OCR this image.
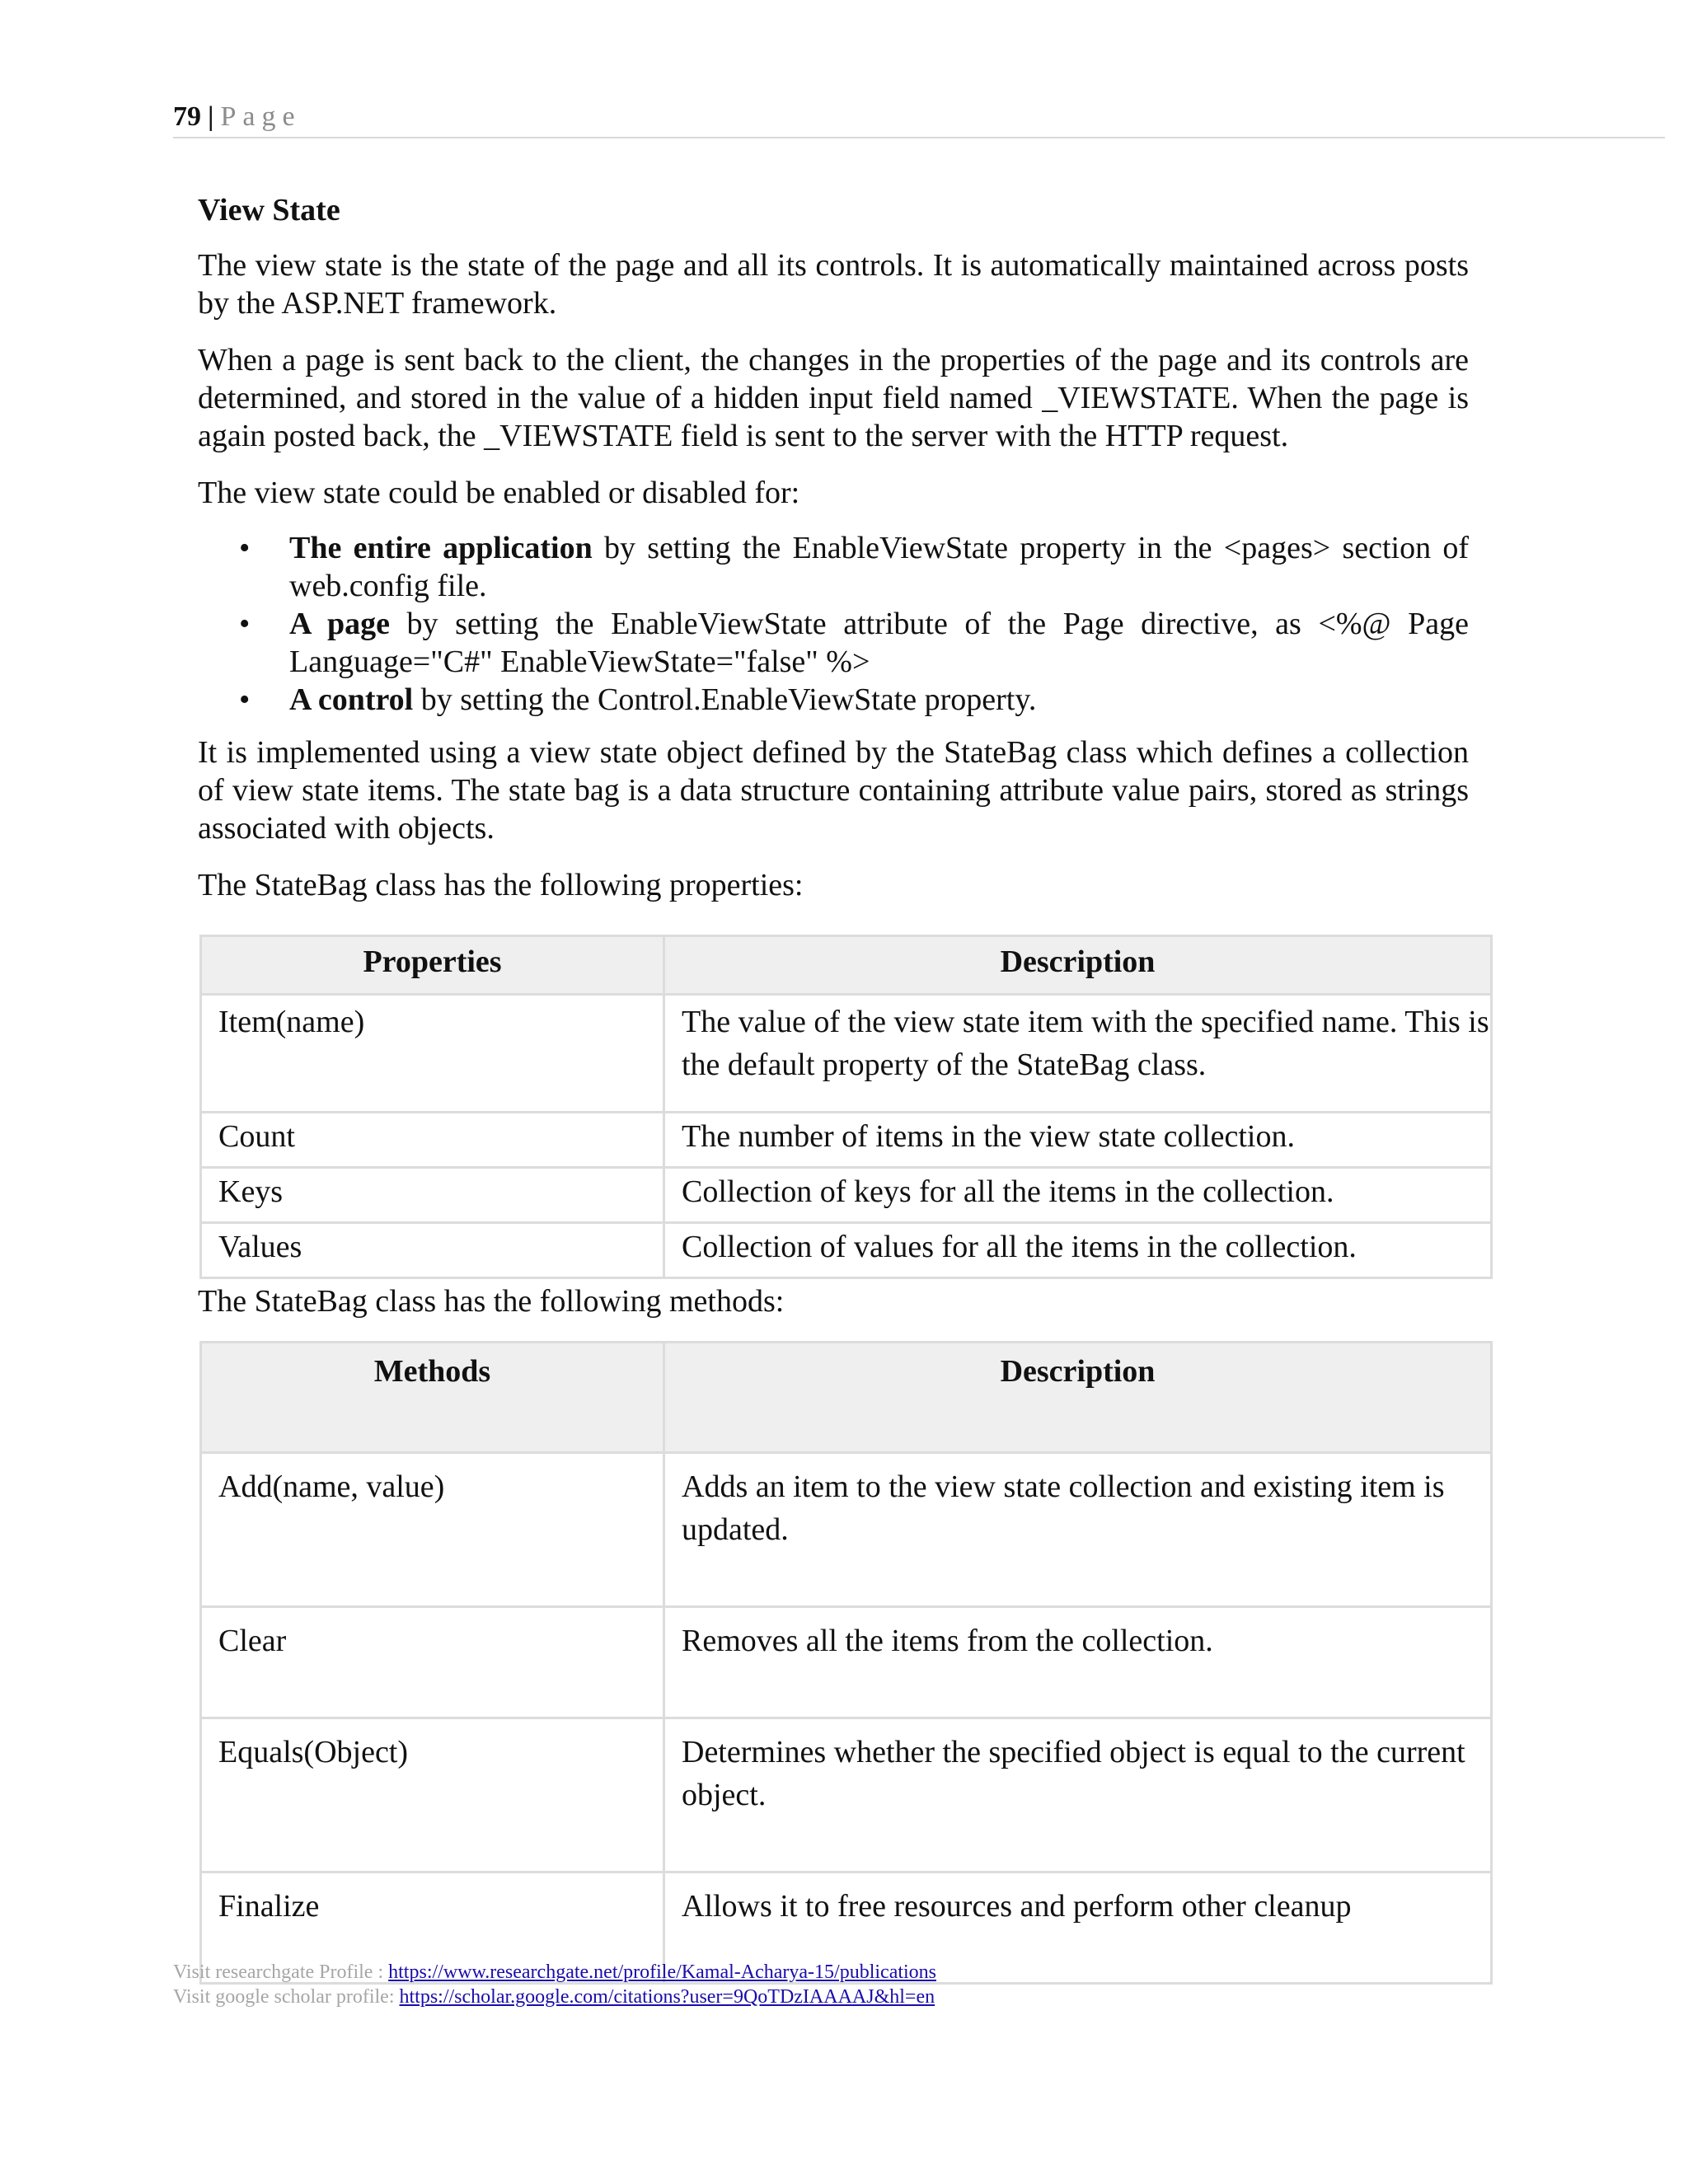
79 | Page

View State

The view state is the state of the page and all its controls. It is automatically maintained across posts by the ASP.NET framework.

When a page is sent back to the client, the changes in the properties of the page and its controls are determined, and stored in the value of a hidden input field named _VIEWSTATE. When the page is again posted back, the _VIEWSTATE field is sent to the server with the HTTP request.

The view state could be enabled or disabled for:

• The entire application by setting the EnableViewState property in the <pages> section of web.config file.
• A page by setting the EnableViewState attribute of the Page directive, as <%@ Page Language="C#" EnableViewState="false" %>
• A control by setting the Control.EnableViewState property.

It is implemented using a view state object defined by the StateBag class which defines a collection of view state items. The state bag is a data structure containing attribute value pairs, stored as strings associated with objects.

The StateBag class has the following properties:

Properties	Description
Item(name)	The value of the view state item with the specified name. This is the default property of the StateBag class.
Count	The number of items in the view state collection.
Keys	Collection of keys for all the items in the collection.
Values	Collection of values for all the items in the collection.

The StateBag class has the following methods:

Methods	Description
Add(name, value)	Adds an item to the view state collection and existing item is updated.
Clear	Removes all the items from the collection.
Equals(Object)	Determines whether the specified object is equal to the current object.
Finalize	Allows it to free resources and perform other cleanup
Visit researchgate Profile : https://www.researchgate.net/profile/Kamal-Acharya-15/publications
Visit google scholar profile: https://scholar.google.com/citations?user=9QoTDzIAAAAJ&hl=en
